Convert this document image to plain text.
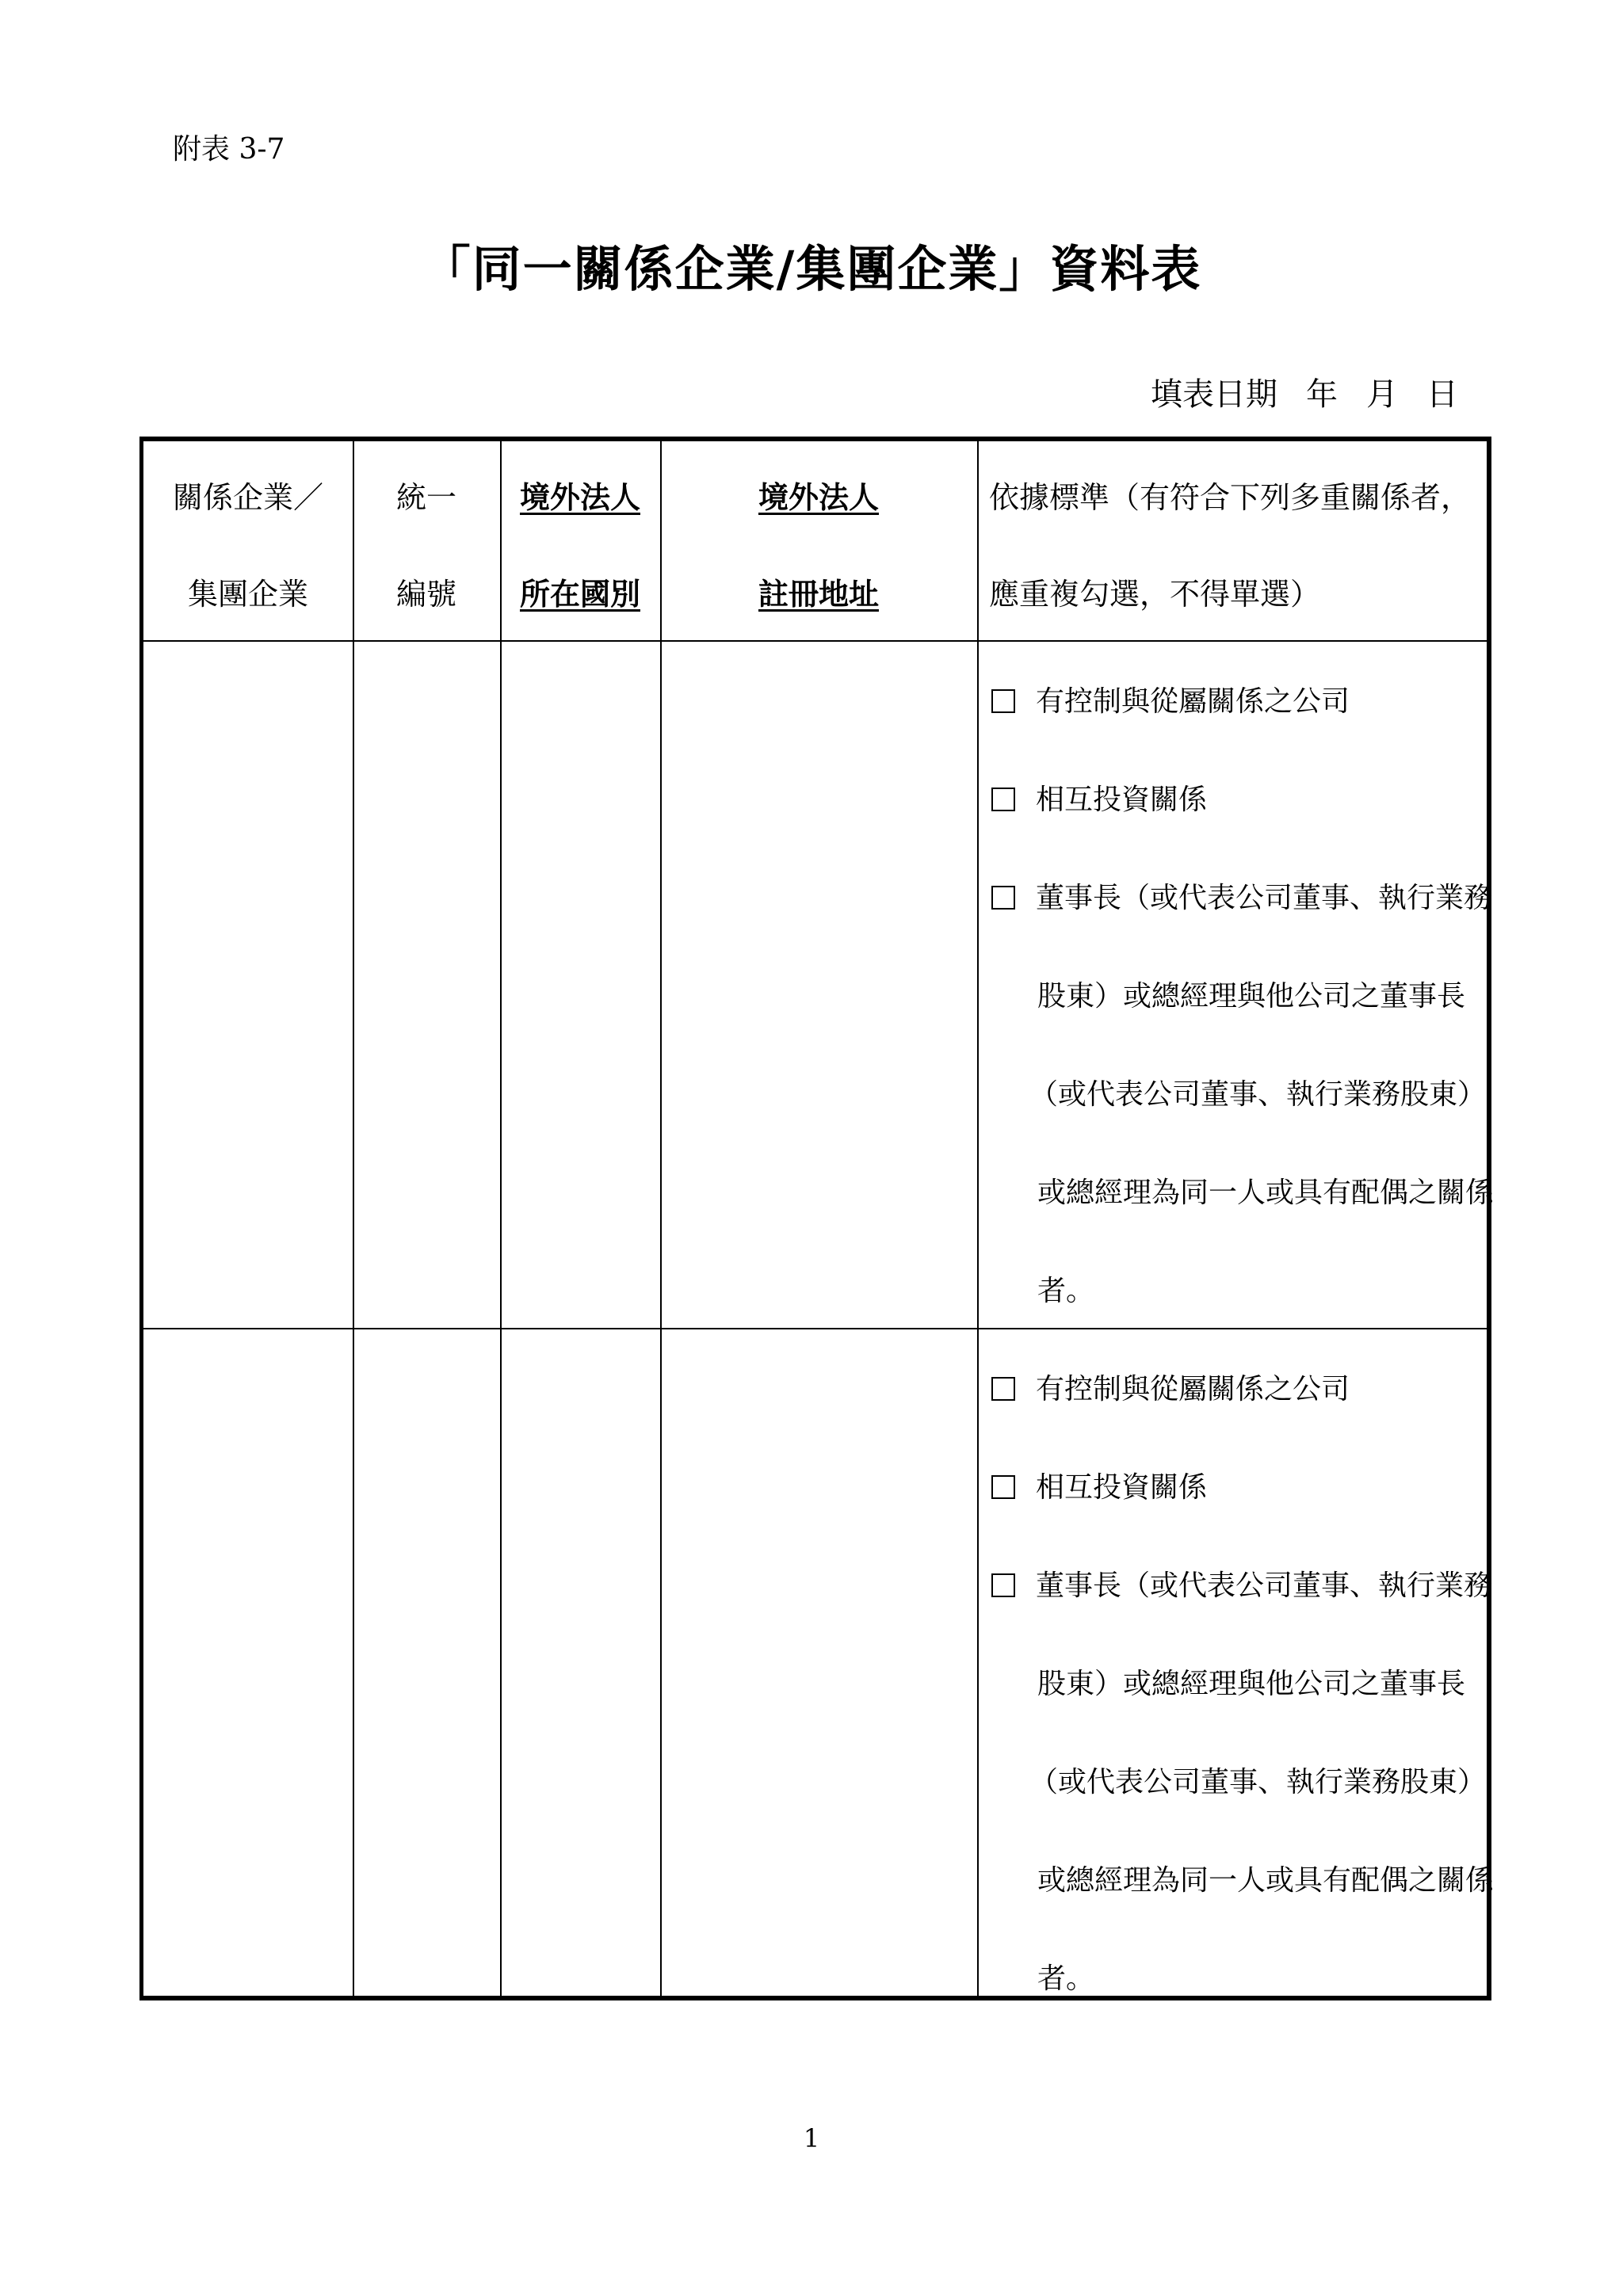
附表 3-7
「同一關係企業/集團企業」資料表
填表日期 年 月 日
關係企業／
集團企業
統一
編號
境外法人
所在國別
境外法人
註冊地址
依據標準（有符合下列多重關係者，
應重複勾選，不得單選）
有控制與從屬關係之公司
相互投資關係
董事長（或代表公司董事、執行業務
股東）或總經理與他公司之董事長
（或代表公司董事、執行業務股東）
或總經理為同一人或具有配偶之關係
者。
有控制與從屬關係之公司
相互投資關係
董事長（或代表公司董事、執行業務
股東）或總經理與他公司之董事長
（或代表公司董事、執行業務股東）
或總經理為同一人或具有配偶之關係
者。
1
